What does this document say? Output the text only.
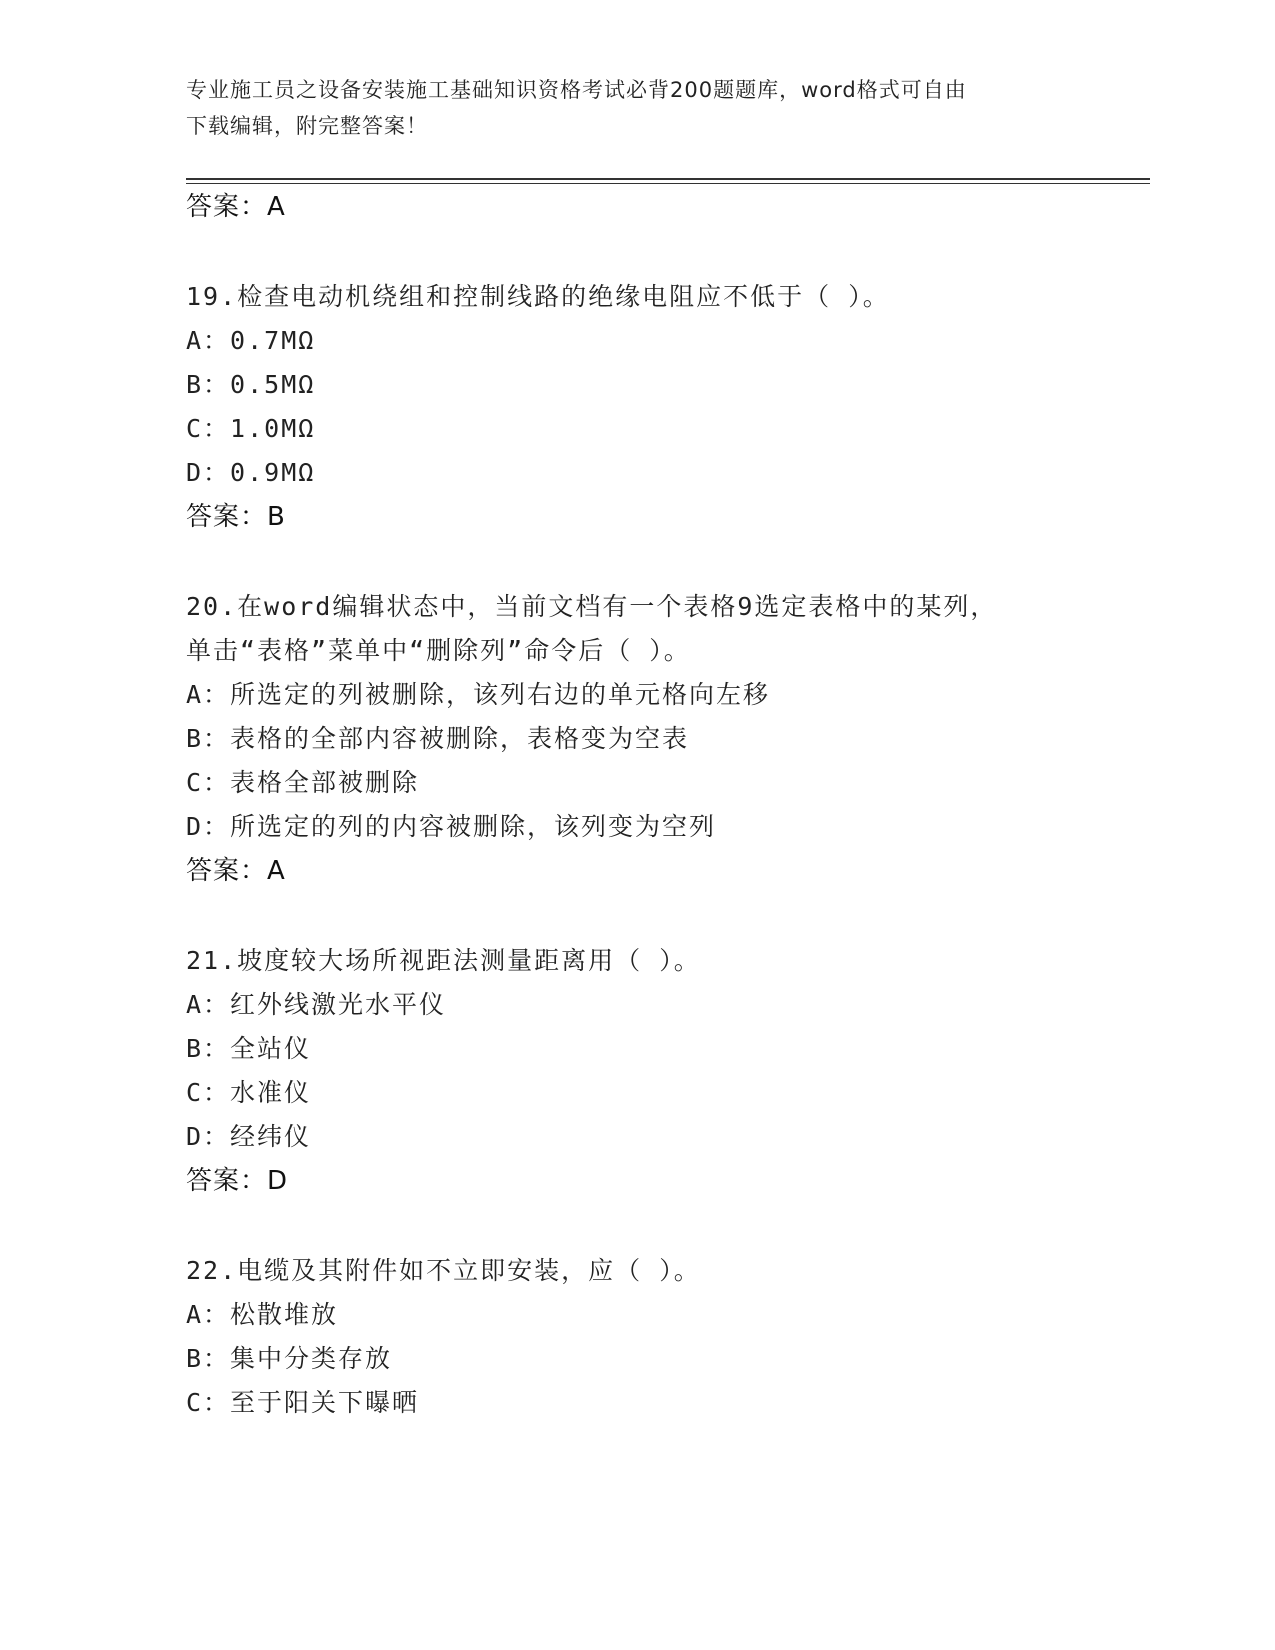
专业施工员之设备安装施工基础知识资格考试必背200题题库，word格式可自由
下载编辑，附完整答案！
答案：A
19.检查电动机绕组和控制线路的绝缘电阻应不低于（ ）。
A：0.7MΩ
B：0.5MΩ
C：1.0MΩ
D：0.9MΩ
答案：B
20.在word编辑状态中，当前文档有一个表格9选定表格中的某列，
单击“表格”菜单中“删除列”命令后（ ）。
A：所选定的列被删除，该列右边的单元格向左移
B：表格的全部内容被删除，表格变为空表
C：表格全部被删除
D：所选定的列的内容被删除，该列变为空列
答案：A
21.坡度较大场所视距法测量距离用（ ）。
A：红外线激光水平仪
B：全站仪
C：水准仪
D：经纬仪
答案：D
22.电缆及其附件如不立即安装，应（ ）。
A：松散堆放
B：集中分类存放
C：至于阳关下曝晒
